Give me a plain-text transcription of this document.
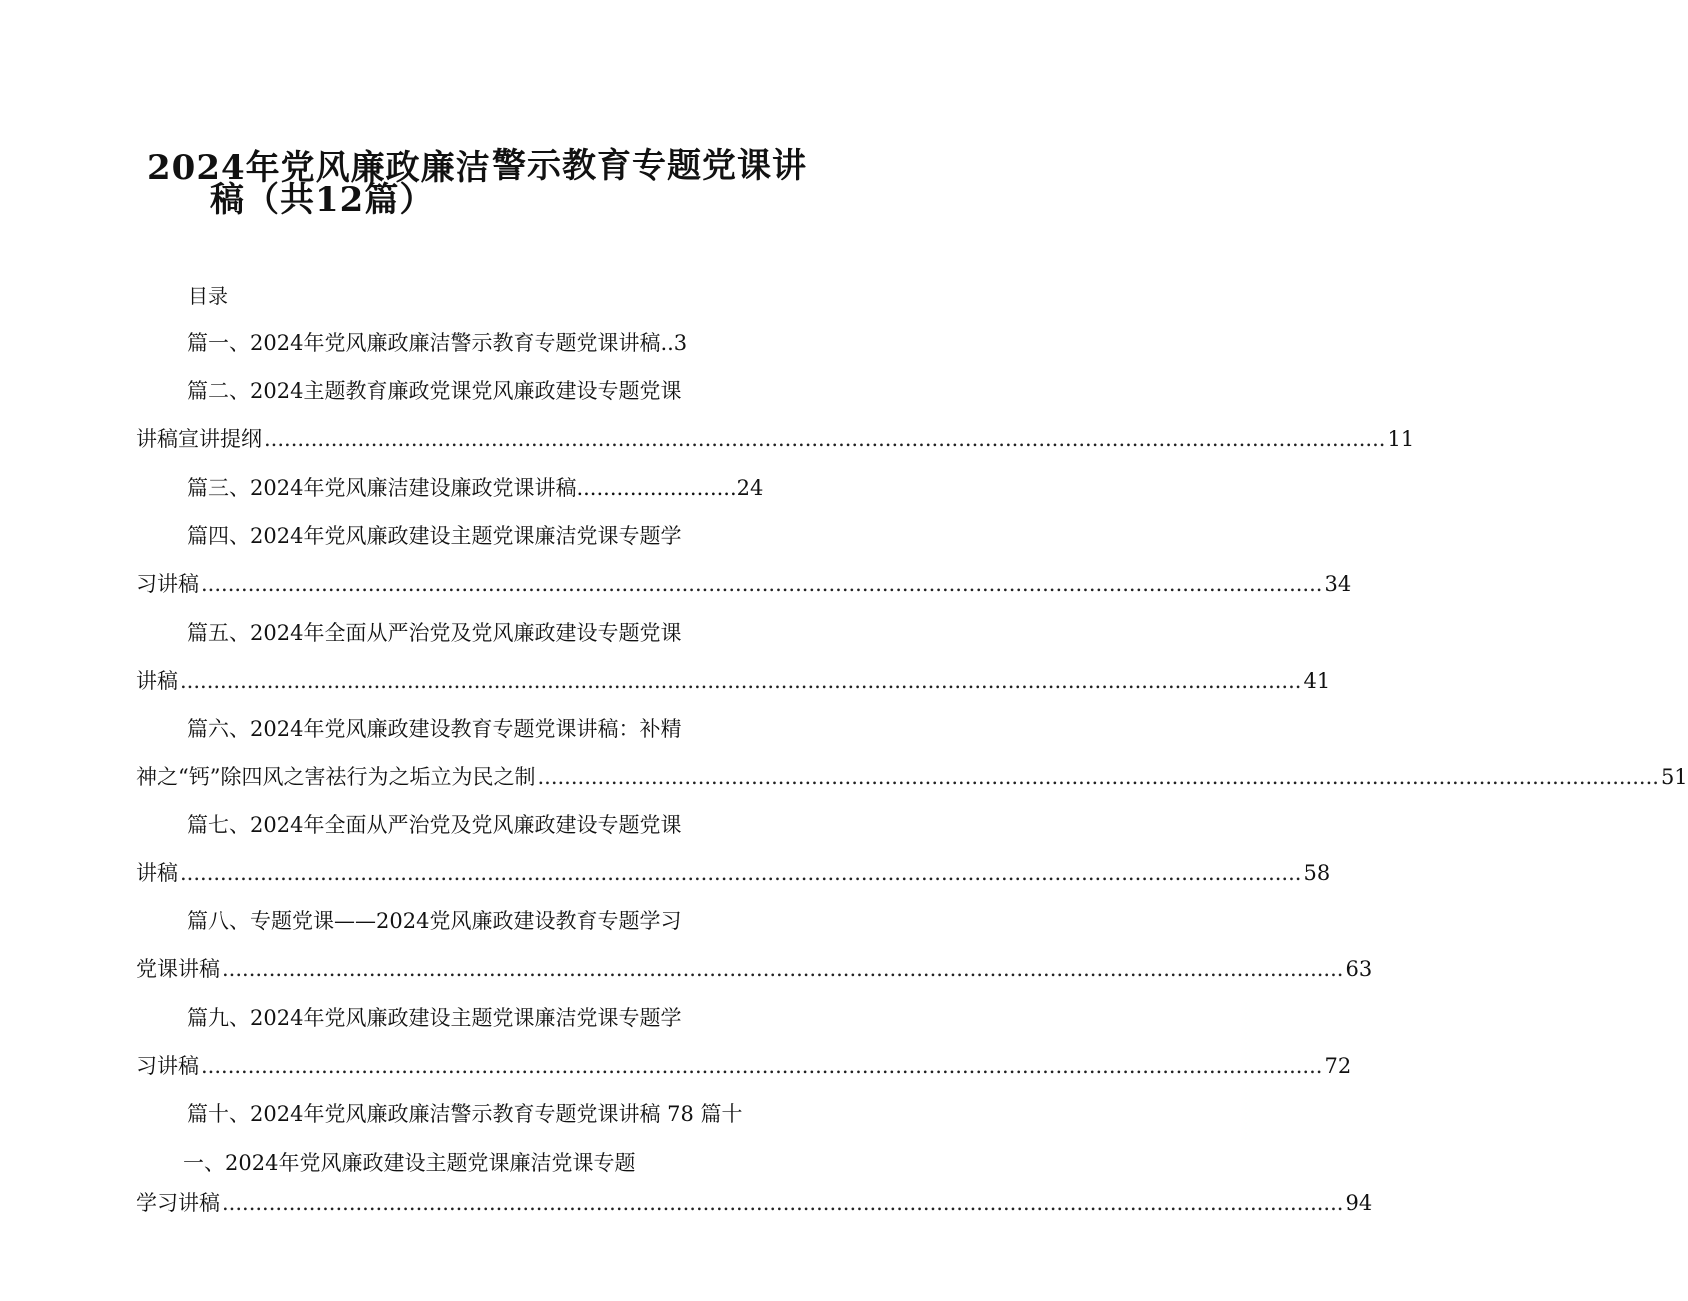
2024年党风廉政廉洁 警示教育专题党课讲
稿（共12篇）
目录
篇一、2024年党风廉政廉洁警示教育专题党课讲稿..3
篇二、2024主题教育廉政党课党风廉政建设专题党课
讲稿宣讲提纲 ........................................................................................................................................................................ 11
篇三、2024年党风廉洁建设廉政党课讲稿........................24
篇四、2024年党风廉政建设主题党课廉洁党课专题学
习讲稿 ........................................................................................................................................................................ 34
篇五、2024年全面从严治党及党风廉政建设专题党课
讲稿 ........................................................................................................................................................................ 41
篇六、2024年党风廉政建设教育专题党课讲稿：补精
神之“钙”除四风之害祛行为之垢立为民之制 ........................................................................................................................................................................ 51
篇七、2024年全面从严治党及党风廉政建设专题党课
讲稿 ........................................................................................................................................................................ 58
篇八、专题党课——2024党风廉政建设教育专题学习
党课讲稿 ........................................................................................................................................................................ 63
篇九、2024年党风廉政建设主题党课廉洁党课专题学
习讲稿 ........................................................................................................................................................................ 72
篇十、2024年党风廉政廉洁警示教育专题党课讲稿 78 篇十
一、2024年党风廉政建设主题党课廉洁党课专题
学习讲稿 ........................................................................................................................................................................ 94
